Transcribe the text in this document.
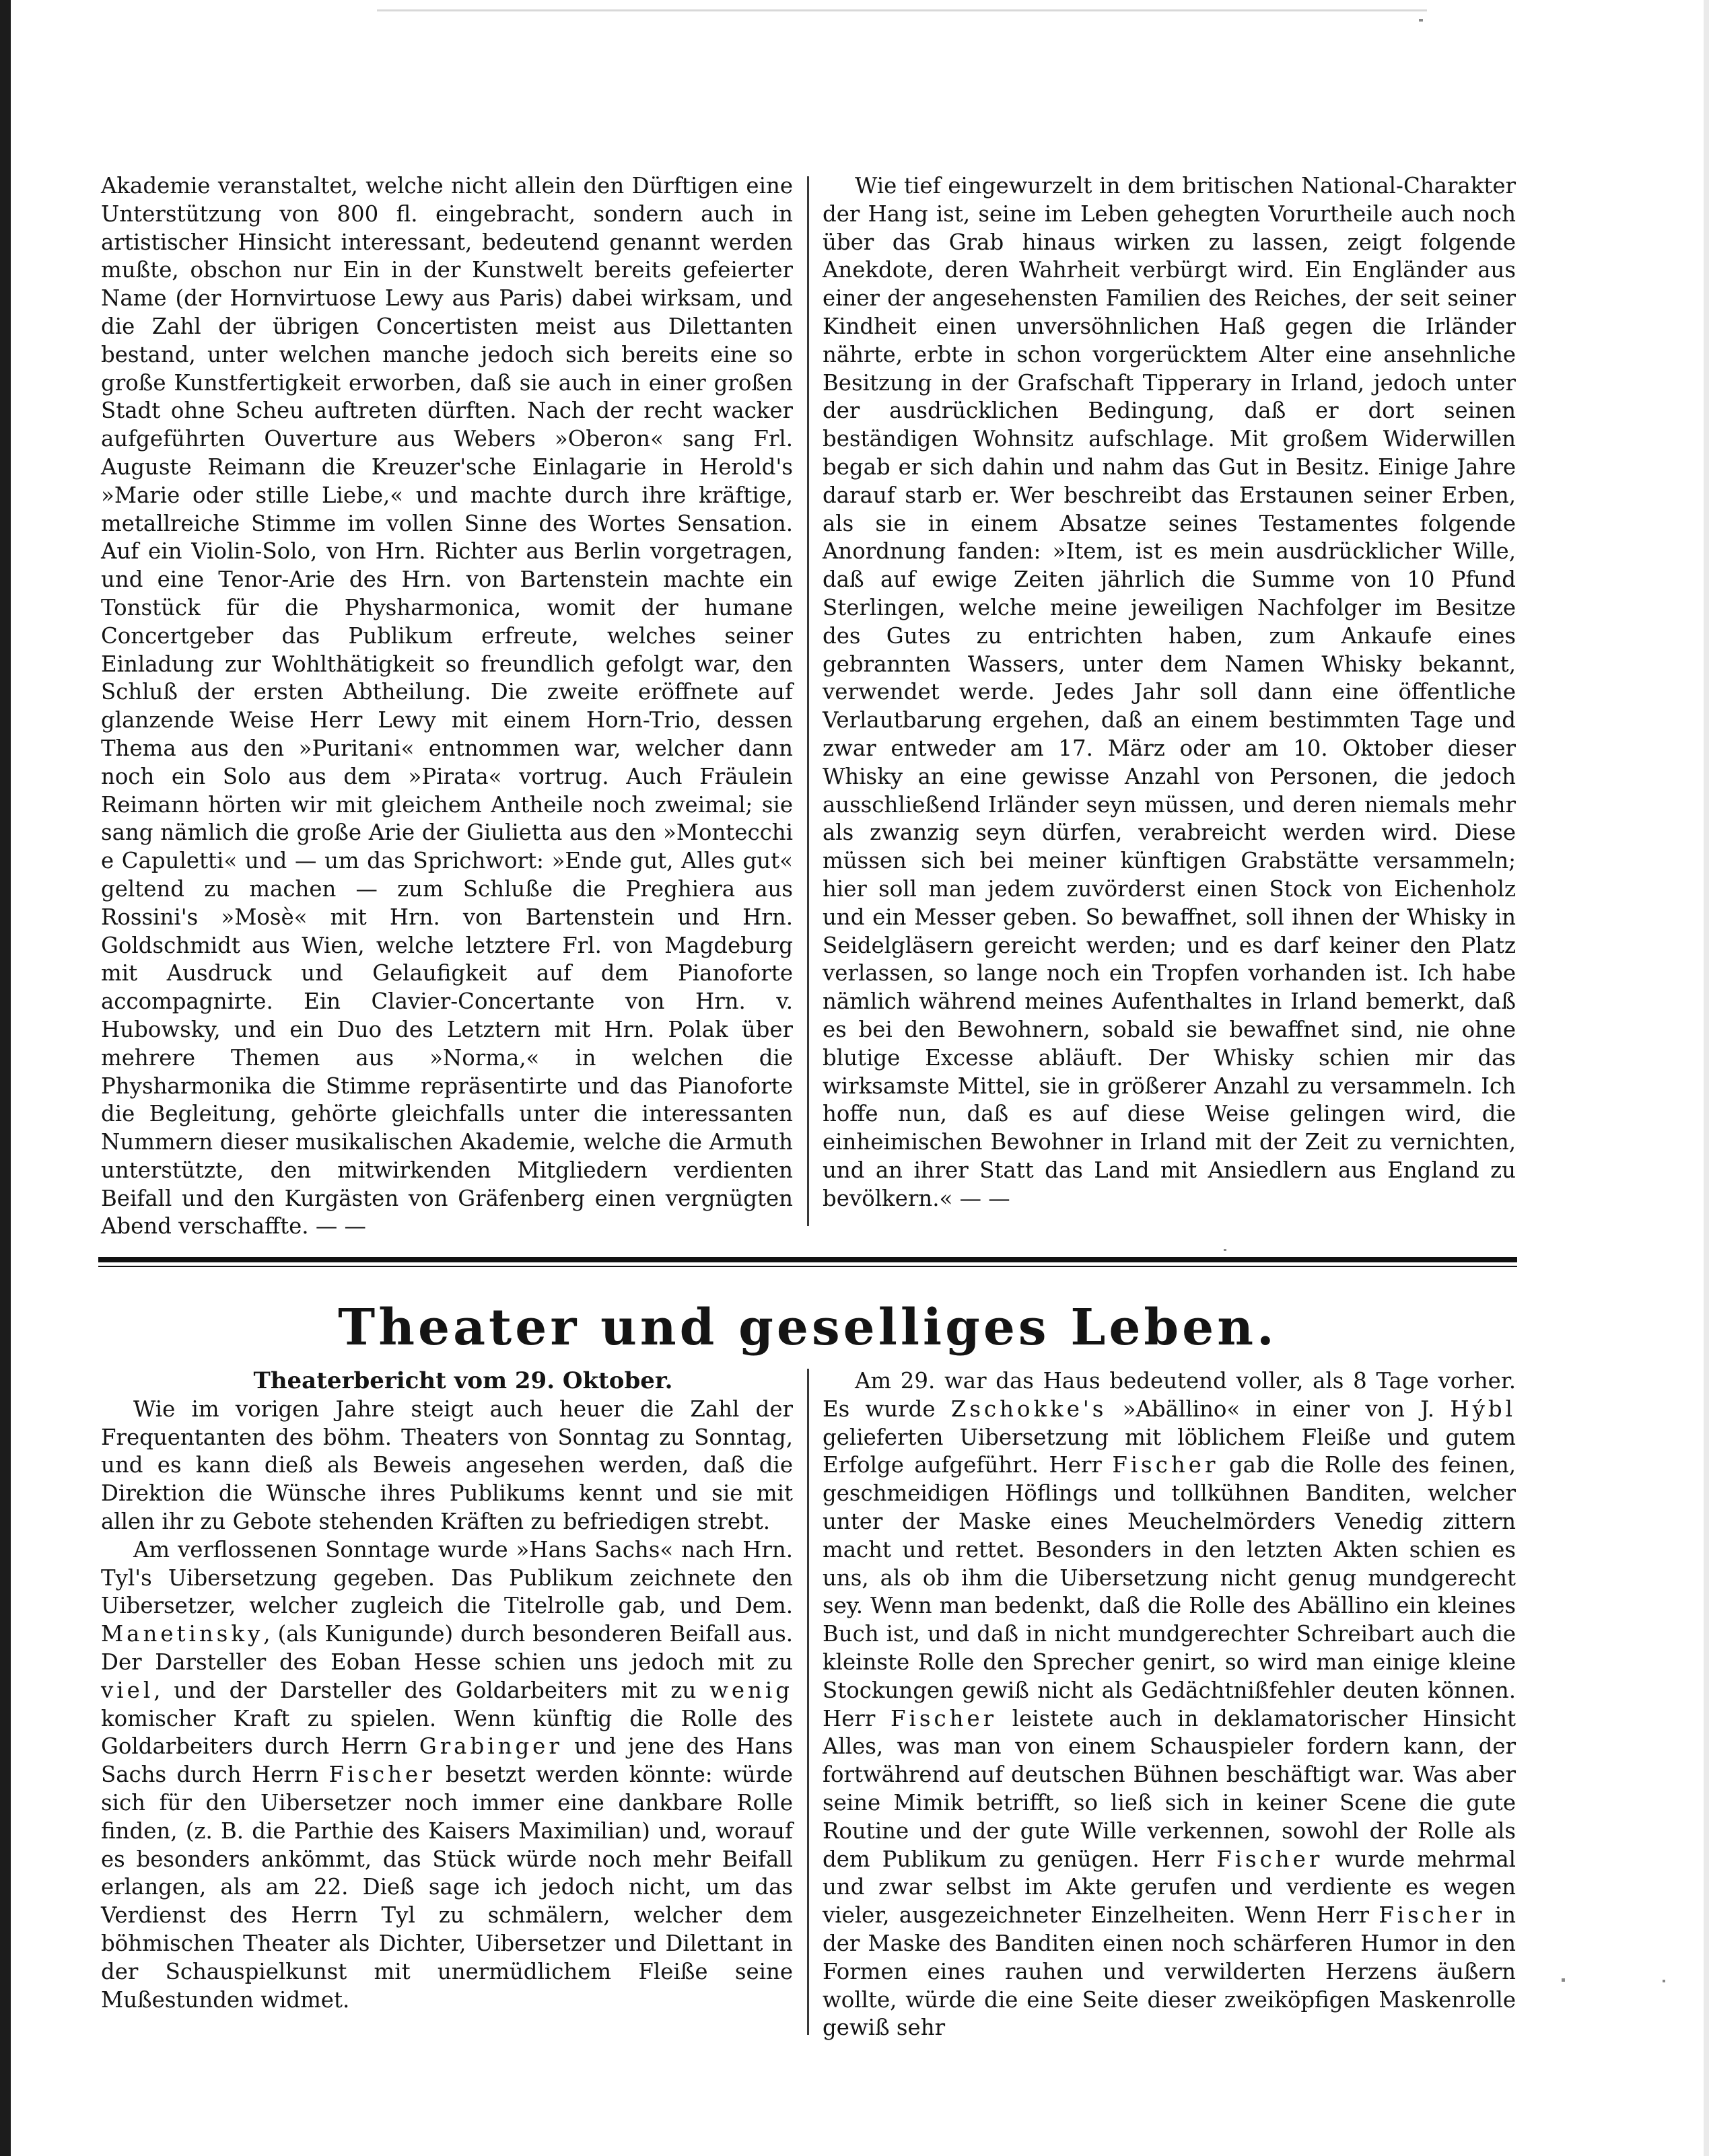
Akademie veranstaltet, welche nicht allein den Dürftigen eine Unterstützung von 800 fl. eingebracht, sondern auch in artistischer Hinsicht interessant, bedeutend genannt werden mußte, obschon nur Ein in der Kunstwelt bereits gefeierter Name (der Hornvirtuose Lewy aus Paris) dabei wirksam, und die Zahl der übrigen Concertisten meist aus Dilettanten bestand, unter welchen manche jedoch sich bereits eine so große Kunstfertigkeit erworben, daß sie auch in einer großen Stadt ohne Scheu auftreten dürften. Nach der recht wacker aufgeführten Ouverture aus Webers »Oberon« sang Frl. Auguste Reimann die Kreuzer'sche Einlagarie in Herold's »Marie oder stille Liebe,« und machte durch ihre kräftige, metallreiche Stimme im vollen Sinne des Wortes Sensation. Auf ein Violin-Solo, von Hrn. Richter aus Berlin vorgetragen, und eine Tenor-Arie des Hrn. von Bartenstein machte ein Tonstück für die Physharmonica, womit der humane Concertgeber das Publikum erfreute, welches seiner Einladung zur Wohlthätigkeit so freundlich gefolgt war, den Schluß der ersten Abtheilung. Die zweite eröffnete auf glanzende Weise Herr Lewy mit einem Horn-Trio, dessen Thema aus den »Puritani« entnommen war, welcher dann noch ein Solo aus dem »Pirata« vortrug. Auch Fräulein Reimann hörten wir mit gleichem Antheile noch zweimal; sie sang nämlich die große Arie der Giulietta aus den »Montecchi e Capuletti« und — um das Sprichwort: »Ende gut, Alles gut« geltend zu machen — zum Schluße die Preghiera aus Rossini's »Mosè« mit Hrn. von Bartenstein und Hrn. Goldschmidt aus Wien, welche letztere Frl. von Magdeburg mit Ausdruck und Gelaufigkeit auf dem Pianoforte accompagnirte. Ein Clavier-Concertante von Hrn. v. Hubowsky, und ein Duo des Letztern mit Hrn. Polak über mehrere Themen aus »Norma,« in welchen die Physharmonika die Stimme repräsentirte und das Pianoforte die Begleitung, gehörte gleichfalls unter die interessanten Nummern dieser musikalischen Akademie, welche die Armuth unterstützte, den mitwirkenden Mitgliedern verdienten Beifall und den Kurgästen von Gräfenberg einen vergnügten Abend verschaffte. — —

Wie tief eingewurzelt in dem britischen National-Charakter der Hang ist, seine im Leben gehegten Vorurtheile auch noch über das Grab hinaus wirken zu lassen, zeigt folgende Anekdote, deren Wahrheit verbürgt wird. Ein Engländer aus einer der angesehensten Familien des Reiches, der seit seiner Kindheit einen unversöhnlichen Haß gegen die Irländer nährte, erbte in schon vorgerücktem Alter eine ansehnliche Besitzung in der Grafschaft Tipperary in Irland, jedoch unter der ausdrücklichen Bedingung, daß er dort seinen beständigen Wohnsitz aufschlage. Mit großem Widerwillen begab er sich dahin und nahm das Gut in Besitz. Einige Jahre darauf starb er. Wer beschreibt das Erstaunen seiner Erben, als sie in einem Absatze seines Testamentes folgende Anordnung fanden: »Item, ist es mein ausdrücklicher Wille, daß auf ewige Zeiten jährlich die Summe von 10 Pfund Sterlingen, welche meine jeweiligen Nachfolger im Besitze des Gutes zu entrichten haben, zum Ankaufe eines gebrannten Wassers, unter dem Namen Whisky bekannt, verwendet werde. Jedes Jahr soll dann eine öffentliche Verlautbarung ergehen, daß an einem bestimmten Tage und zwar entweder am 17. März oder am 10. Oktober dieser Whisky an eine gewisse Anzahl von Personen, die jedoch ausschließend Irländer seyn müssen, und deren niemals mehr als zwanzig seyn dürfen, verabreicht werden wird. Diese müssen sich bei meiner künftigen Grabstätte versammeln; hier soll man jedem zuvörderst einen Stock von Eichenholz und ein Messer geben. So bewaffnet, soll ihnen der Whisky in Seidelgläsern gereicht werden; und es darf keiner den Platz verlassen, so lange noch ein Tropfen vorhanden ist. Ich habe nämlich während meines Aufenthaltes in Irland bemerkt, daß es bei den Bewohnern, sobald sie bewaffnet sind, nie ohne blutige Excesse abläuft. Der Whisky schien mir das wirksamste Mittel, sie in größerer Anzahl zu versammeln. Ich hoffe nun, daß es auf diese Weise gelingen wird, die einheimischen Bewohner in Irland mit der Zeit zu vernichten, und an ihrer Statt das Land mit Ansiedlern aus England zu bevölkern.« — —

Theater und geselliges Leben.

Theaterbericht vom 29. Oktober.

Wie im vorigen Jahre steigt auch heuer die Zahl der Frequentanten des böhm. Theaters von Sonntag zu Sonntag, und es kann dieß als Beweis angesehen werden, daß die Direktion die Wünsche ihres Publikums kennt und sie mit allen ihr zu Gebote stehenden Kräften zu befriedigen strebt.

Am verflossenen Sonntage wurde »Hans Sachs« nach Hrn. Tyl's Uibersetzung gegeben. Das Publikum zeichnete den Uibersetzer, welcher zugleich die Titelrolle gab, und Dem. Manetinsky, (als Kunigunde) durch besonderen Beifall aus. Der Darsteller des Eoban Hesse schien uns jedoch mit zu viel, und der Darsteller des Goldarbeiters mit zu wenig komischer Kraft zu spielen. Wenn künftig die Rolle des Goldarbeiters durch Herrn Grabinger und jene des Hans Sachs durch Herrn Fischer besetzt werden könnte: würde sich für den Uibersetzer noch immer eine dankbare Rolle finden, (z. B. die Parthie des Kaisers Maximilian) und, worauf es besonders ankömmt, das Stück würde noch mehr Beifall erlangen, als am 22. Dieß sage ich jedoch nicht, um das Verdienst des Herrn Tyl zu schmälern, welcher dem böhmischen Theater als Dichter, Uibersetzer und Dilettant in der Schauspielkunst mit unermüdlichem Fleiße seine Mußestunden widmet.

Am 29. war das Haus bedeutend voller, als 8 Tage vorher. Es wurde Zschokke's »Abällino« in einer von J. Hýbl gelieferten Uibersetzung mit löblichem Fleiße und gutem Erfolge aufgeführt. Herr Fischer gab die Rolle des feinen, geschmeidigen Höflings und tollkühnen Banditen, welcher unter der Maske eines Meuchelmörders Venedig zittern macht und rettet. Besonders in den letzten Akten schien es uns, als ob ihm die Uibersetzung nicht genug mundgerecht sey. Wenn man bedenkt, daß die Rolle des Abällino ein kleines Buch ist, und daß in nicht mundgerechter Schreibart auch die kleinste Rolle den Sprecher genirt, so wird man einige kleine Stockungen gewiß nicht als Gedächtnißfehler deuten können. Herr Fischer leistete auch in deklamatorischer Hinsicht Alles, was man von einem Schauspieler fordern kann, der fortwährend auf deutschen Bühnen beschäftigt war. Was aber seine Mimik betrifft, so ließ sich in keiner Scene die gute Routine und der gute Wille verkennen, sowohl der Rolle als dem Publikum zu genügen. Herr Fischer wurde mehrmal und zwar selbst im Akte gerufen und verdiente es wegen vieler, ausgezeichneter Einzelheiten. Wenn Herr Fischer in der Maske des Banditen einen noch schärferen Humor in den Formen eines rauhen und verwilderten Herzens äußern wollte, würde die eine Seite dieser zweiköpfigen Maskenrolle gewiß sehr
